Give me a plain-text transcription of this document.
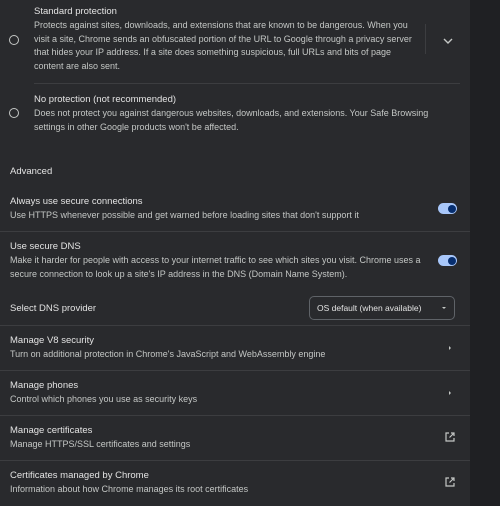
Standard protection
Protects against sites, downloads, and extensions that are known to be dangerous. When you
visit a site, Chrome sends an obfuscated portion of the URL to Google through a privacy server
that hides your IP address. If a site does something suspicious, full URLs and bits of page
content are also sent.
No protection (not recommended)
Does not protect you against dangerous websites, downloads, and extensions. Your Safe Browsing
settings in other Google products won't be affected.
Advanced
Always use secure connections
Use HTTPS whenever possible and get warned before loading sites that don't support it
Use secure DNS
Make it harder for people with access to your internet traffic to see which sites you visit. Chrome uses a
secure connection to look up a site's IP address in the DNS (Domain Name System).
Select DNS provider	OS default (when available)
Manage V8 security
Turn on additional protection in Chrome's JavaScript and WebAssembly engine
Manage phones
Control which phones you use as security keys
Manage certificates
Manage HTTPS/SSL certificates and settings
Certificates managed by Chrome
Information about how Chrome manages its root certificates
